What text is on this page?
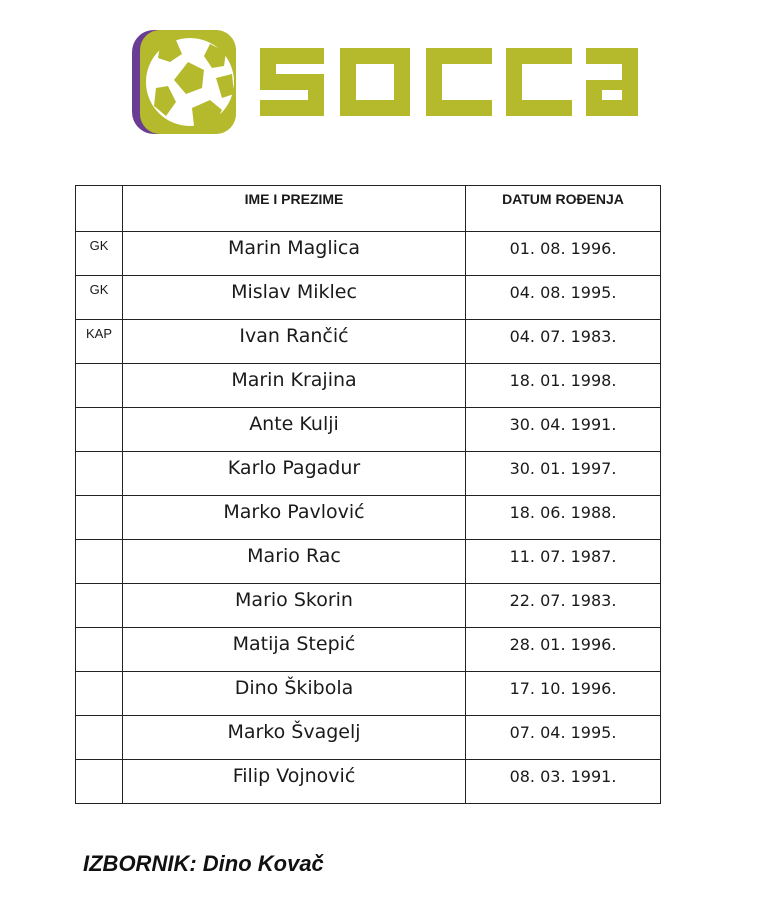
	IME I PREZIME	DATUM ROĐENJA
GK	Marin Maglica	01. 08. 1996.
GK	Mislav Miklec	04. 08. 1995.
KAP	Ivan Rančić	04. 07. 1983.
	Marin Krajina	18. 01. 1998.
	Ante Kulji	30. 04. 1991.
	Karlo Pagadur	30. 01. 1997.
	Marko Pavlović	18. 06. 1988.
	Mario Rac	11. 07. 1987.
	Mario Skorin	22. 07. 1983.
	Matija Stepić	28. 01. 1996.
	Dino Škibola	17. 10. 1996.
	Marko Švagelj	07. 04. 1995.
	Filip Vojnović	08. 03. 1991.
IZBORNIK: Dino Kovač
